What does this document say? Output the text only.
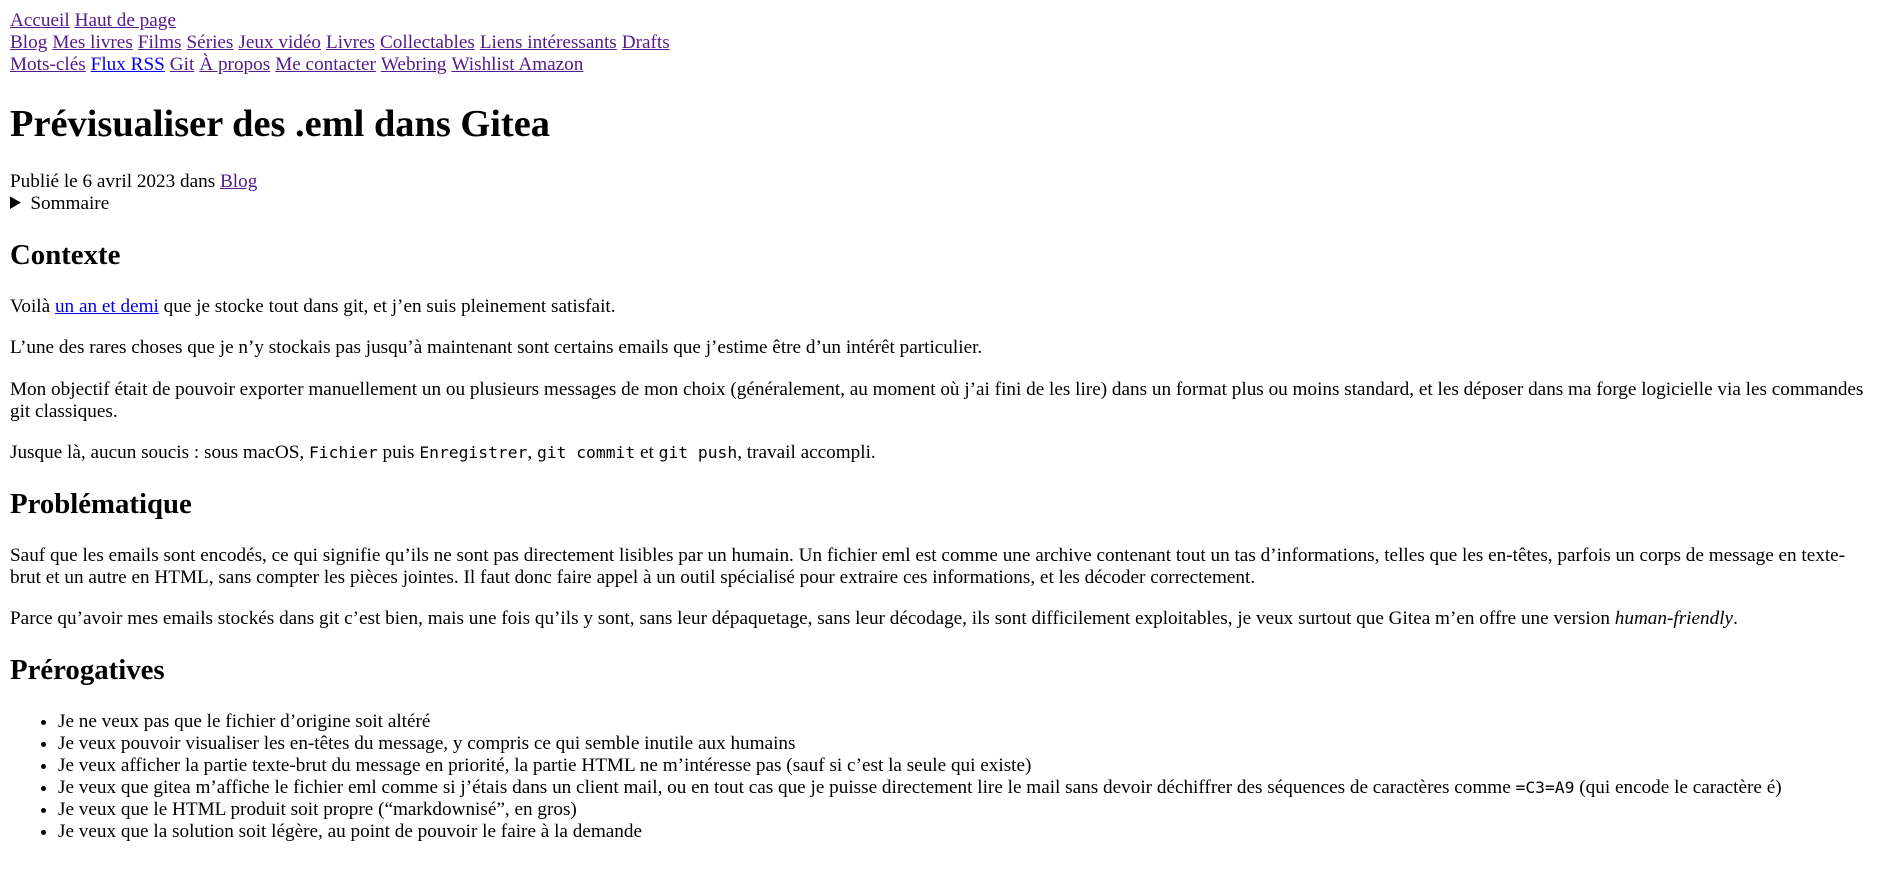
Accueil Haut de page
Blog Mes livres Films Séries Jeux vidéo Livres Collectables Liens intéressants Drafts
Mots-clés Flux RSS Git À propos Me contacter Webring Wishlist Amazon
Prévisualiser des .eml dans Gitea
Publié le 6 avril 2023 dans Blog
Sommaire
Contexte

Voilà un an et demi que je stocke tout dans git, et j’en suis pleinement satisfait.

L’une des rares choses que je n’y stockais pas jusqu’à maintenant sont certains emails que j’estime être d’un intérêt particulier.

Mon objectif était de pouvoir exporter manuellement un ou plusieurs messages de mon choix (généralement, au moment où j’ai fini de les lire) dans un format plus ou moins standard, et les déposer dans ma forge logicielle via les commandes git classiques.

Jusque là, aucun soucis : sous macOS, Fichier puis Enregistrer, git commit et git push, travail accompli.

Problématique

Sauf que les emails sont encodés, ce qui signifie qu’ils ne sont pas directement lisibles par un humain. Un fichier eml est comme une archive contenant tout un tas d’informations, telles que les en-têtes, parfois un corps de message en texte-brut et un autre en HTML, sans compter les pièces jointes. Il faut donc faire appel à un outil spécialisé pour extraire ces informations, et les décoder correctement.

Parce qu’avoir mes emails stockés dans git c’est bien, mais une fois qu’ils y sont, sans leur dépaquetage, sans leur décodage, ils sont difficilement exploitables, je veux surtout que Gitea m’en offre une version human-friendly.

Prérogatives
• Je ne veux pas que le fichier d’origine soit altéré
• Je veux pouvoir visualiser les en-têtes du message, y compris ce qui semble inutile aux humains
• Je veux afficher la partie texte-brut du message en priorité, la partie HTML ne m’intéresse pas (sauf si c’est la seule qui existe)
• Je veux que gitea m’affiche le fichier eml comme si j’étais dans un client mail, ou en tout cas que je puisse directement lire le mail sans devoir déchiffrer des séquences de caractères comme =C3=A9 (qui encode le caractère é)
• Je veux que le HTML produit soit propre (“markdownisé”, en gros)
• Je veux que la solution soit légère, au point de pouvoir le faire à la demande
